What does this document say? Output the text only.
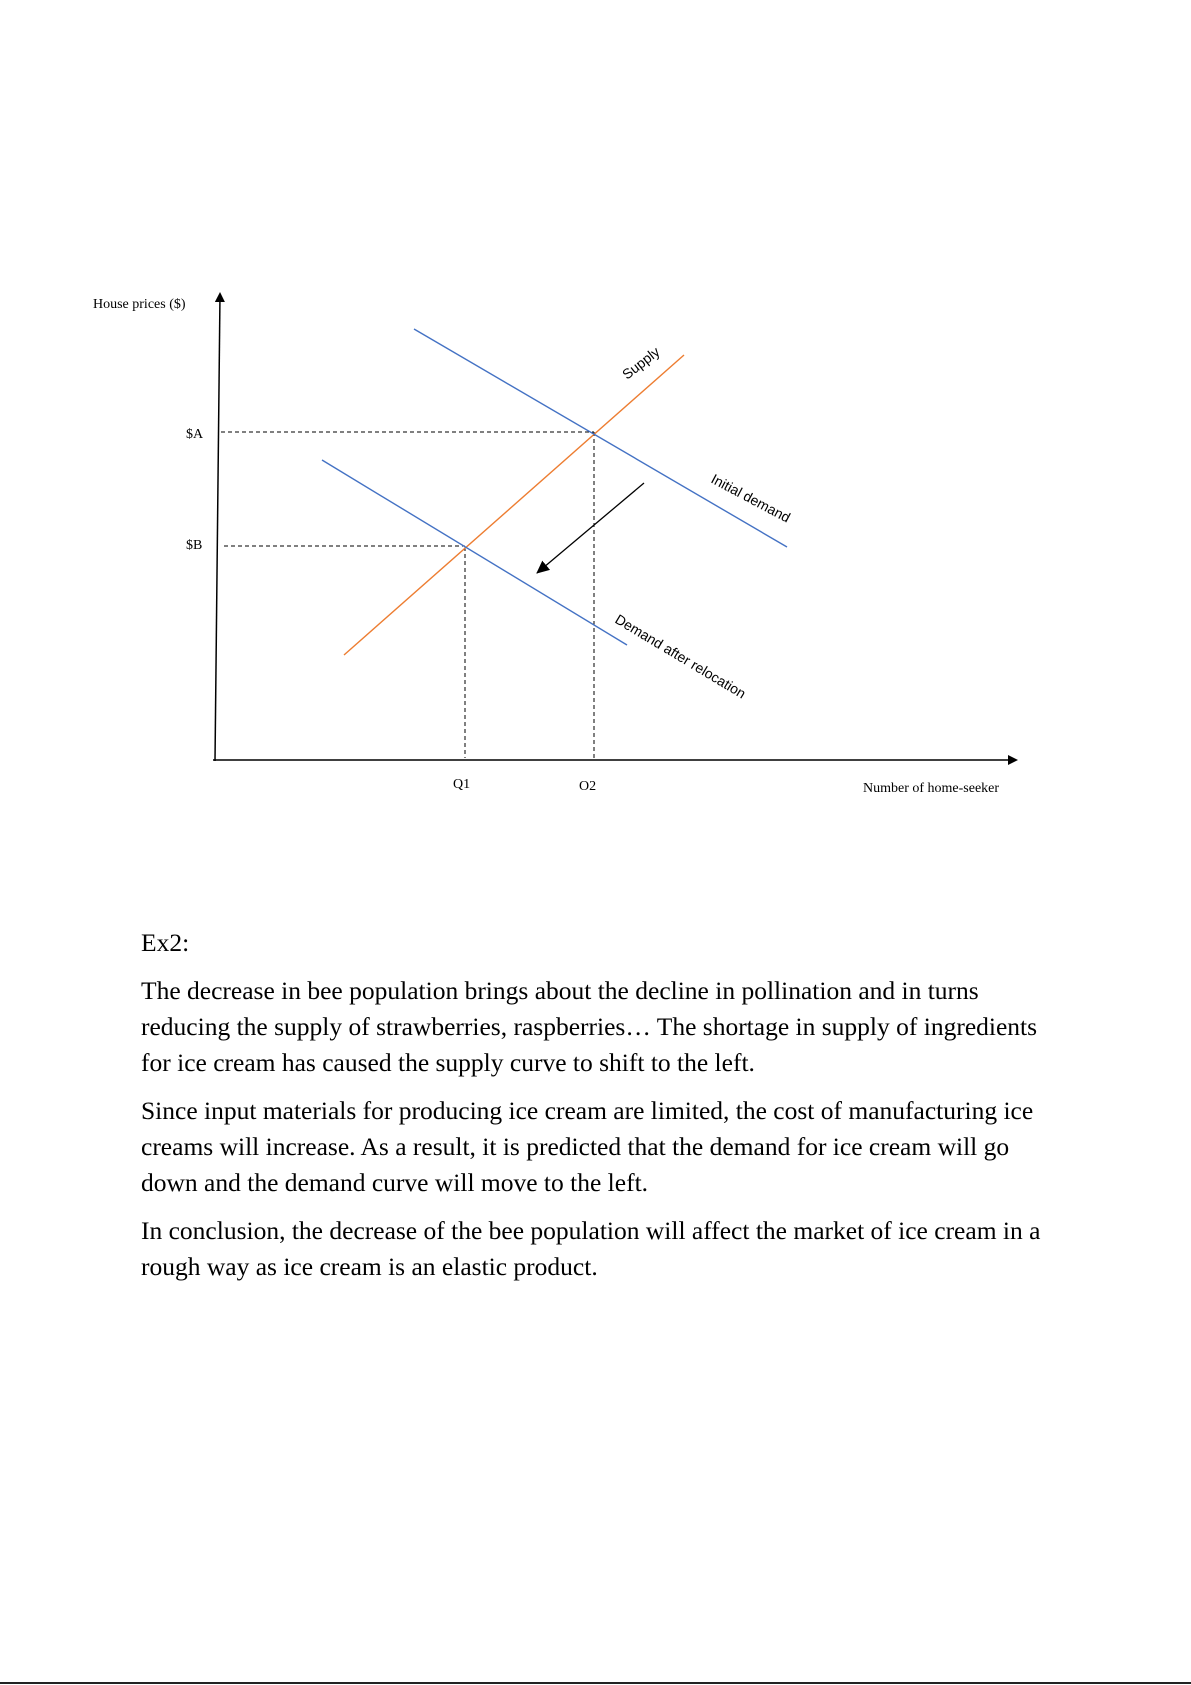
House prices ($)
Number of home-seeker
$A
$B
Q1	O2
Supply
Initial demand
Demand after relocation

Ex2:

The decrease in bee population brings about the decline in pollination and in turns reducing the supply of strawberries, raspberries… The shortage in supply of ingredients for ice cream has caused the supply curve to shift to the left.

Since input materials for producing ice cream are limited, the cost of manufacturing ice creams will increase. As a result, it is predicted that the demand for ice cream will go down and the demand curve will move to the left.

In conclusion, the decrease of the bee population will affect the market of ice cream in a rough way as ice cream is an elastic product.
